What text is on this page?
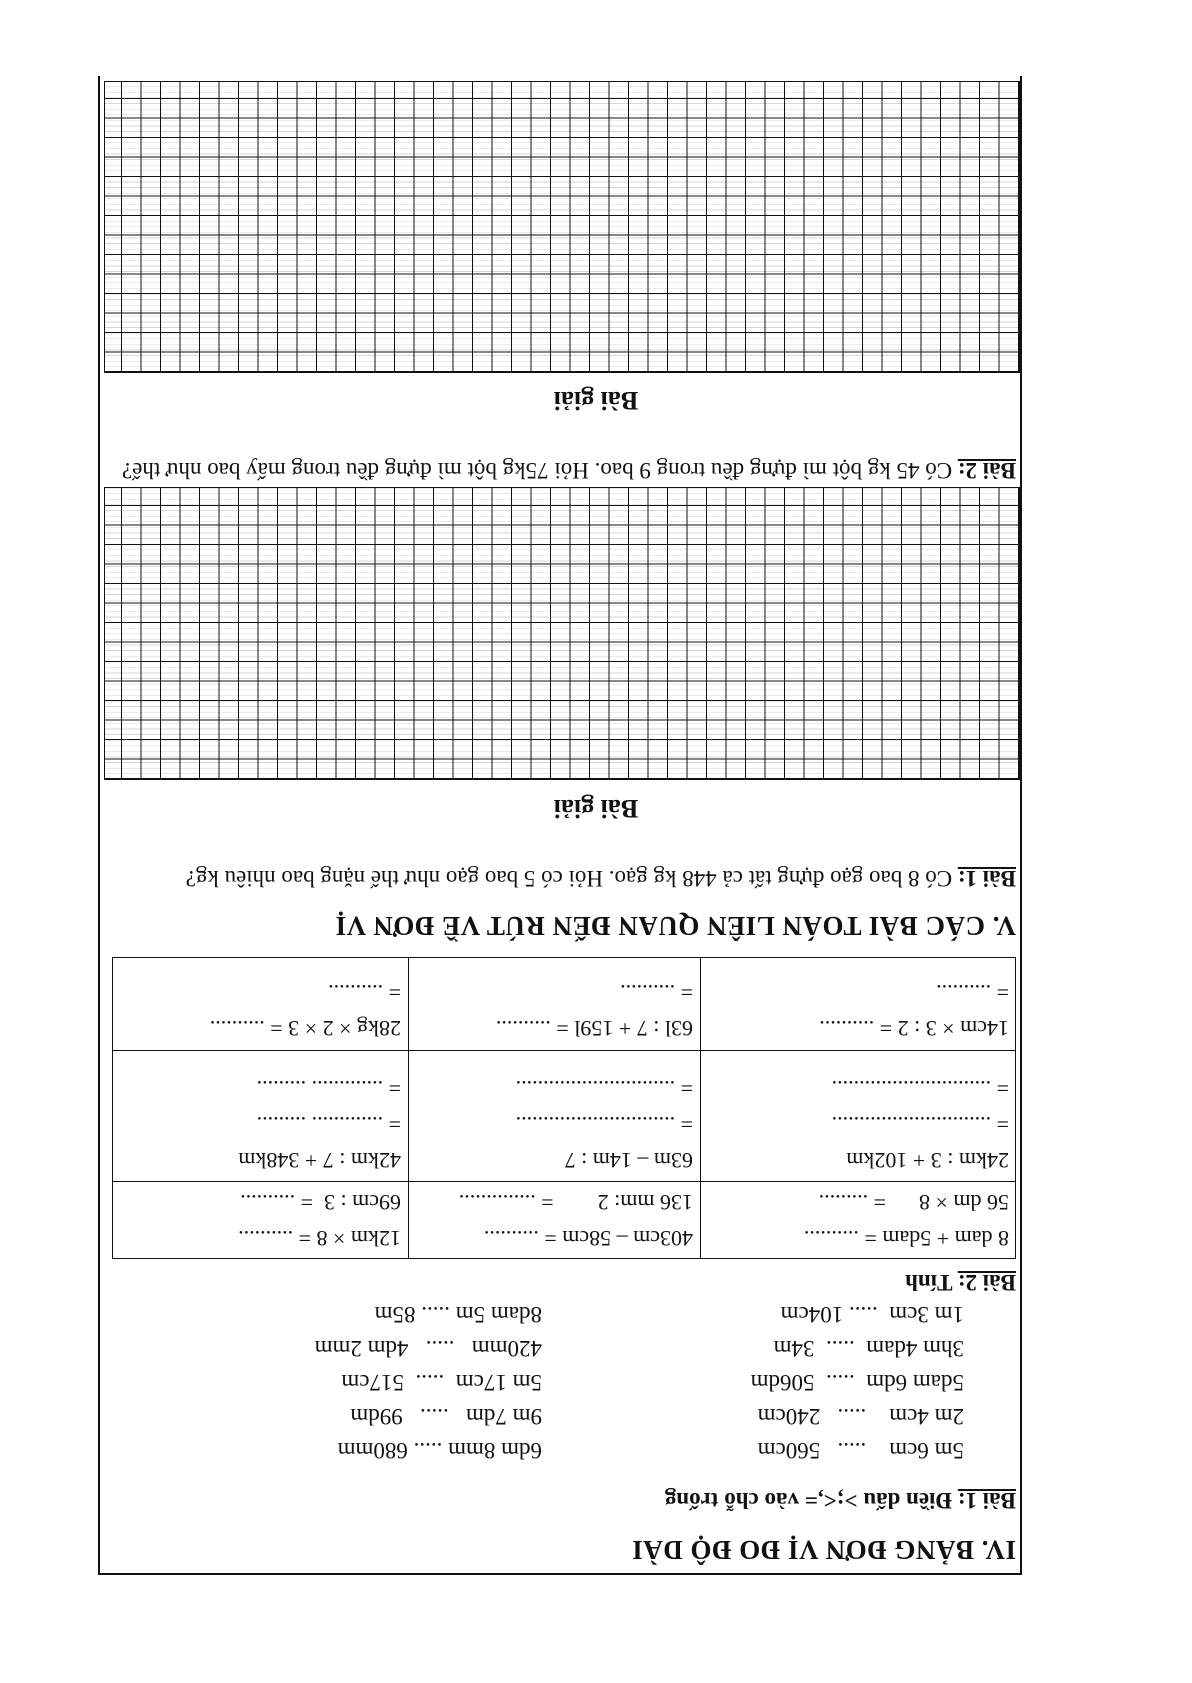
IV. BẢNG ĐƠN VỊ ĐO ĐỘ DÀI
Bài 1: Điền dấu >;<,= vào chỗ trống
5m 6cm    .....   560cm
2m 4cm    .....   240cm
5dam 6dm  .....  506dm
3hm 4dam  .....  34m
1m 3cm  ..... 104cm
6dm 8mm ..... 680mm
9m 7dm   .....   99dm
5m 17cm  .....  517cm
420mm   .....   4dm 2mm
8dam 5m ..... 85m
Bài 2: Tính
8 dam + 5dam = ..........
56 dm × 8      = .........
403cm – 58cm = ..........
136 mm: 2        = ..............
12km × 8 = ..........
69cm : 3  = ..........
24km : 3 + 102km
= .............................
= .............................
63m – 14m : 7
= .............................
= .............................
42km : 7 + 348km
= ............. .........
= ............. .........
14cm × 3 : 2 = ..........
= ..........
63l : 7 + 159l = ..........
= ..........
28kg × 2 × 3 = ..........
= ..........
V. CÁC BÀI TOÁN LIÊN QUAN ĐẾN RÚT VỀ ĐƠN VỊ
Bài 1: Có 8 bao gạo đựng tất cả 448 kg gạo. Hỏi có 5 bao gạo như thế nặng bao nhiêu kg?
Bài giải
Bài 2: Có 45 kg bột mì đựng đều trong 9 bao. Hỏi 75kg bột mì đựng đều trong mấy bao như thế?
Bài giải
